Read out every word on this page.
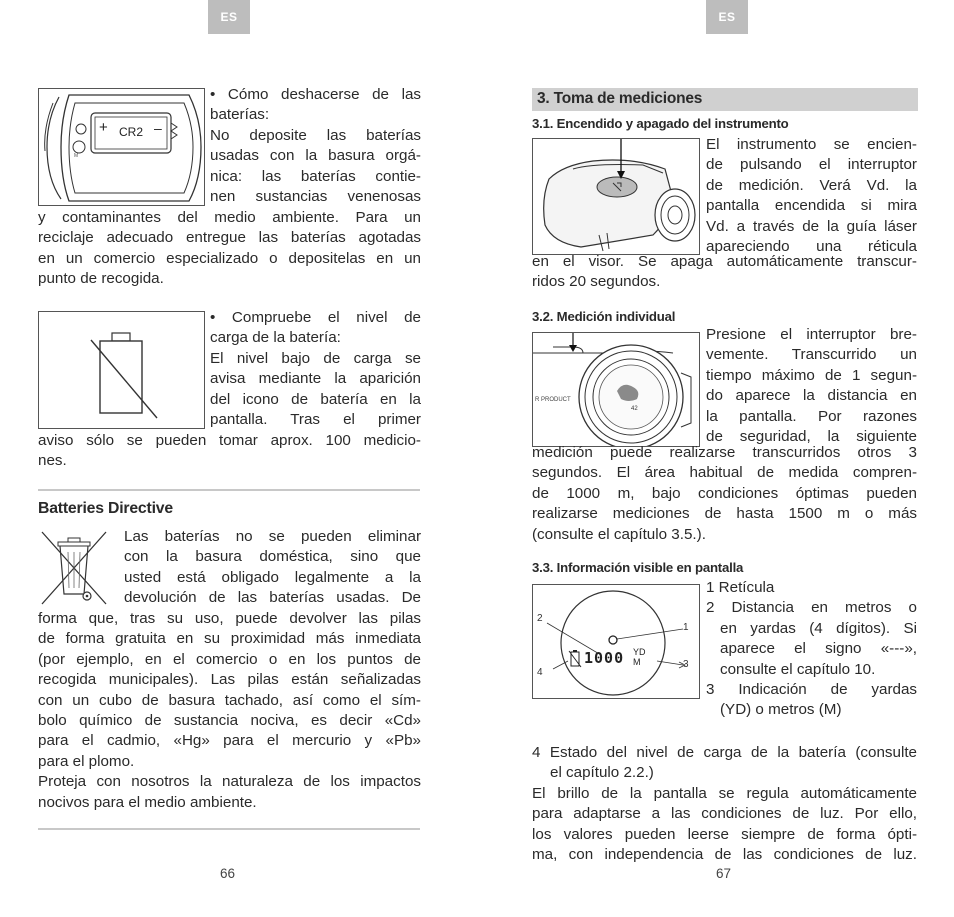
ES
M
+ CR2 –
• Cómo deshacerse de las
baterías:
No deposite las baterías
usadas con la basura orgá-
nica: las baterías contie-
nen sustancias venenosas
y contaminantes del medio ambiente. Para un
reciclaje adecuado entregue las baterías agotadas
en un comercio especializado o depositelas en un
punto de recogida.
• Compruebe el nivel de
carga de la batería:
El nivel bajo de carga se
avisa mediante la aparición
del icono de batería en la
pantalla. Tras el primer
aviso sólo se pueden tomar aprox. 100 medicio-
nes.
Batteries Directive
Las baterías no se pueden eliminar
con la basura doméstica, sino que
usted está obligado legalmente a la
devolución de las baterías usadas. De
forma que, tras su uso, puede devolver las pilas
de forma gratuita en su proximidad más inmediata
(por ejemplo, en el comercio o en los puntos de
recogida municipales). Las pilas están señalizadas
con un cubo de basura tachado, así como el sím-
bolo químico de sustancia nociva, es decir «Cd»
para el cadmio, «Hg» para el mercurio y «Pb»
para el plomo.
Proteja con nosotros la naturaleza de los impactos
nocivos para el medio ambiente.
66
ES
67
3. Toma de mediciones
3.1. Encendido y apagado del instrumento
El instrumento se encien-
de pulsando el interruptor
de medición. Verá Vd. la
pantalla encendida si mira
Vd. a través de la guía láser
apareciendo una réticula
en el visor. Se apaga automáticamente transcur-
ridos 20 segundos.
3.2. Medición individual
42
R PRODUCT
Presione el interruptor bre-
vemente. Transcurrido un
tiempo máximo de 1 segun-
do aparece la distancia en
la pantalla. Por razones
de seguridad, la siguiente
medición puede realizarse transcurridos otros 3
segundos. El área habitual de medida compren-
de 1000 m, bajo condiciones óptimas pueden
realizarse mediciones de hasta 1500 m o más
(consulte el capítulo 3.5.).
3.3. Información visible en pantalla
2
1
4
3
1000 YD
M
1 Retícula
2 Distancia en metros o
en yardas (4 dígitos). Si
aparece el signo «---»,
consulte el capítulo 10.
3 Indicación de yardas
(YD) o metros (M)
4 Estado del nivel de carga de la batería (consulte
el capítulo 2.2.)
El brillo de la pantalla se regula automáticamente
para adaptarse a las condiciones de luz. Por ello,
los valores pueden leerse siempre de forma ópti-
ma, con independencia de las condiciones de luz.
